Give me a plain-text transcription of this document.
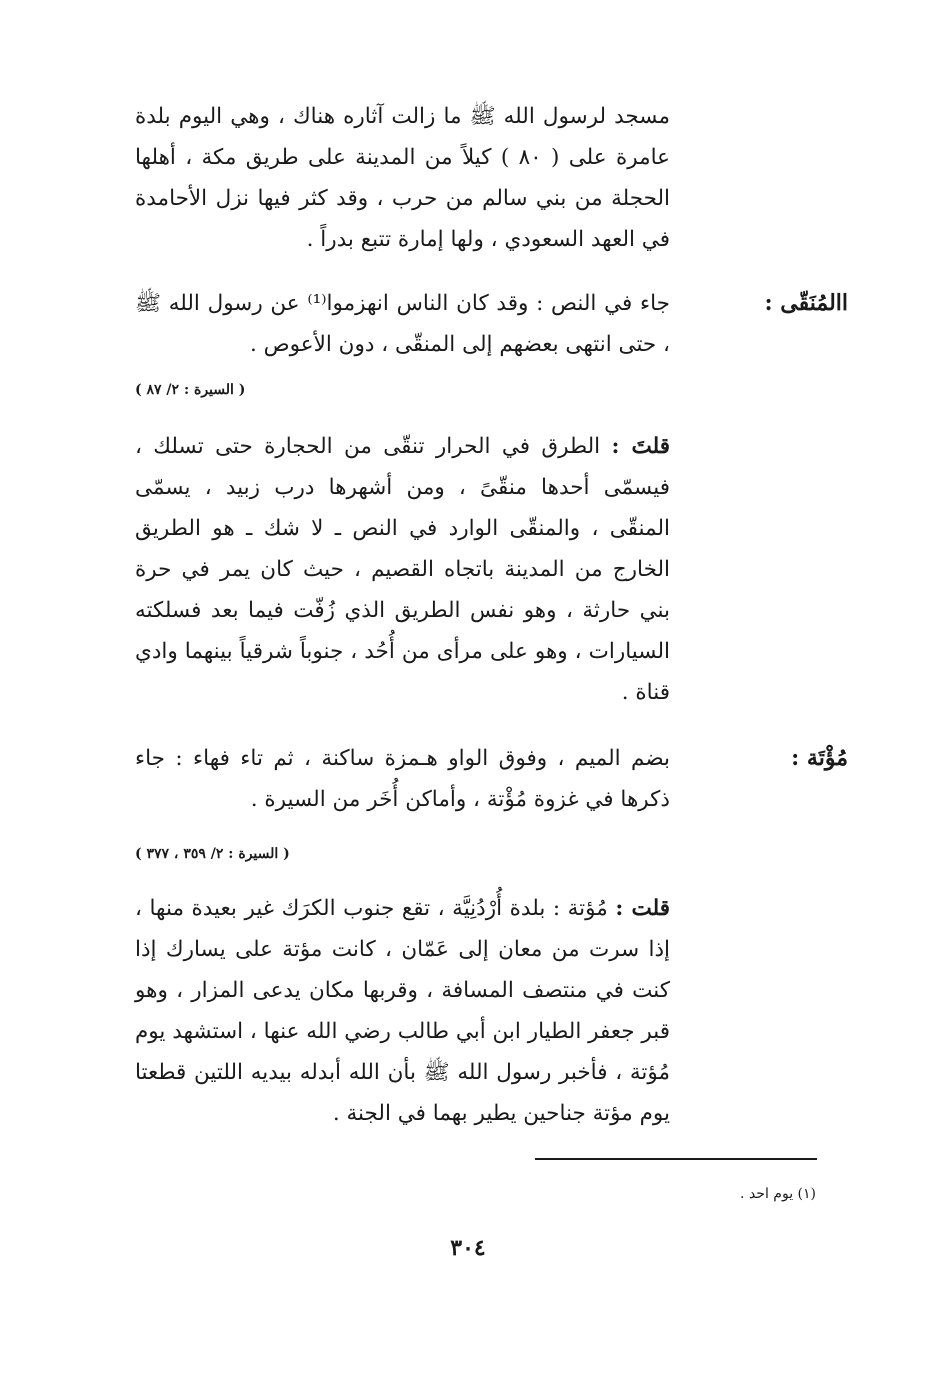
مسجد لرسول الله ﷺ ما زالت آثاره هناك ، وهي اليوم بلدة عامرة على ( ٨٠ ) كيلاً من المدينة على طريق مكة ، أهلها الحجلة من بني سالم من حرب ، وقد كثر فيها نزل الأحامدة في العهد السعودي ، ولها إمارة تتبع بدراً .
االمُنَقّى :
جاء في النص : وقد كان الناس انهزموا⁽¹⁾ عن رسول الله ﷺ ، حتى انتهى بعضهم إلى المنقّى ، دون الأعوص .
( السيرة : ٢/ ٨٧ )
قلتَ : الطرق في الحرار تنقّى من الحجارة حتى تسلك ، فيسمّى أحدها منقّىً ، ومن أشهرها درب زبيد ، يسمّى المنقّى ، والمنقّى الوارد في النص ـ لا شك ـ هو الطريق الخارج من المدينة باتجاه القصيم ، حيث كان يمر في حرة بني حارثة ، وهو نفس الطريق الذي زُفّت فيما بعد فسلكته السيارات ، وهو على مرأى من أُحُد ، جنوباً شرقياً بينهما وادي قناة .
مُؤْتَة :
بضم الميم ، وفوق الواو هـمزة ساكنة ، ثم تاء فهاء : جاء ذكرها في غزوة مُؤْتة ، وأماكن أُخَر من السيرة .
( السيرة : ٢/ ٣٥٩ ، ٣٧٧ )
قلت : مُؤتة : بلدة أُرْدُنِيَّة ، تقع جنوب الكرَك غير بعيدة منها ، إذا سرت من معان إلى عَمّان ، كانت مؤتة على يسارك إذا كنت في منتصف المسافة ، وقربها مكان يدعى المزار ، وهو قبر جعفر الطيار ابن أبي طالب رضي الله عنها ، استشهد يوم مُؤتة ، فأخبر رسول الله ﷺ بأن الله أبدله بيديه اللتين قطعتا يوم مؤتة جناحين يطير بهما في الجنة .
(١) يوم احد .
٣٠٤
